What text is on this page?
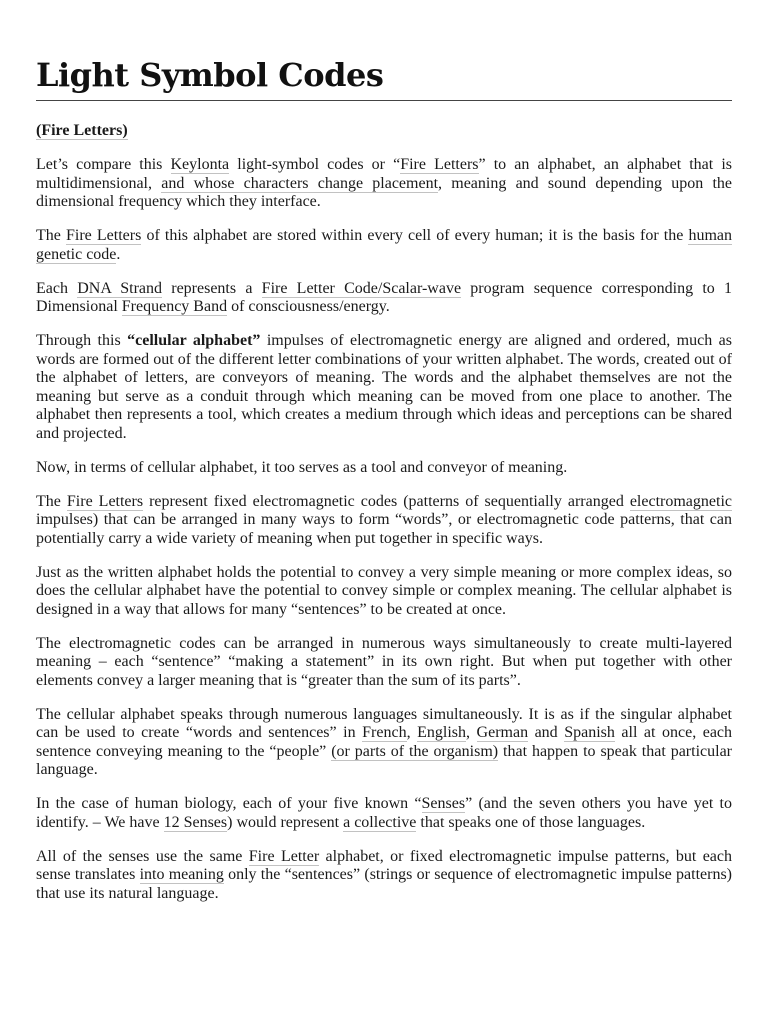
Light Symbol Codes

(Fire Letters)

Let’s compare this Keylonta light-symbol codes or “Fire Letters” to an alphabet, an alphabet that is multidimensional, and whose characters change placement, meaning and sound depending upon the dimensional frequency which they interface.

The Fire Letters of this alphabet are stored within every cell of every human; it is the basis for the human genetic code.

Each DNA Strand represents a Fire Letter Code/Scalar-wave program sequence corresponding to 1 Dimensional Frequency Band of consciousness/energy.

Through this “cellular alphabet” impulses of electromagnetic energy are aligned and ordered, much as words are formed out of the different letter combinations of your written alphabet. The words, created out of the alphabet of letters, are conveyors of meaning. The words and the alphabet themselves are not the meaning but serve as a conduit through which meaning can be moved from one place to another. The alphabet then represents a tool, which creates a medium through which ideas and perceptions can be shared and projected.

Now, in terms of cellular alphabet, it too serves as a tool and conveyor of meaning.

The Fire Letters represent fixed electromagnetic codes (patterns of sequentially arranged electromagnetic impulses) that can be arranged in many ways to form “words”, or electromagnetic code patterns, that can potentially carry a wide variety of meaning when put together in specific ways.

Just as the written alphabet holds the potential to convey a very simple meaning or more complex ideas, so does the cellular alphabet have the potential to convey simple or complex meaning. The cellular alphabet is designed in a way that allows for many “sentences” to be created at once.

The electromagnetic codes can be arranged in numerous ways simultaneously to create multi-layered meaning – each “sentence” “making a statement” in its own right. But when put together with other elements convey a larger meaning that is “greater than the sum of its parts”.

The cellular alphabet speaks through numerous languages simultaneously. It is as if the singular alphabet can be used to create “words and sentences” in French, English, German and Spanish all at once, each sentence conveying meaning to the “people” (or parts of the organism) that happen to speak that particular language.

In the case of human biology, each of your five known “Senses” (and the seven others you have yet to identify. – We have 12 Senses) would represent a collective that speaks one of those languages.

All of the senses use the same Fire Letter alphabet, or fixed electromagnetic impulse patterns, but each sense translates into meaning only the “sentences” (strings or sequence of electromagnetic impulse patterns) that use its natural language.
